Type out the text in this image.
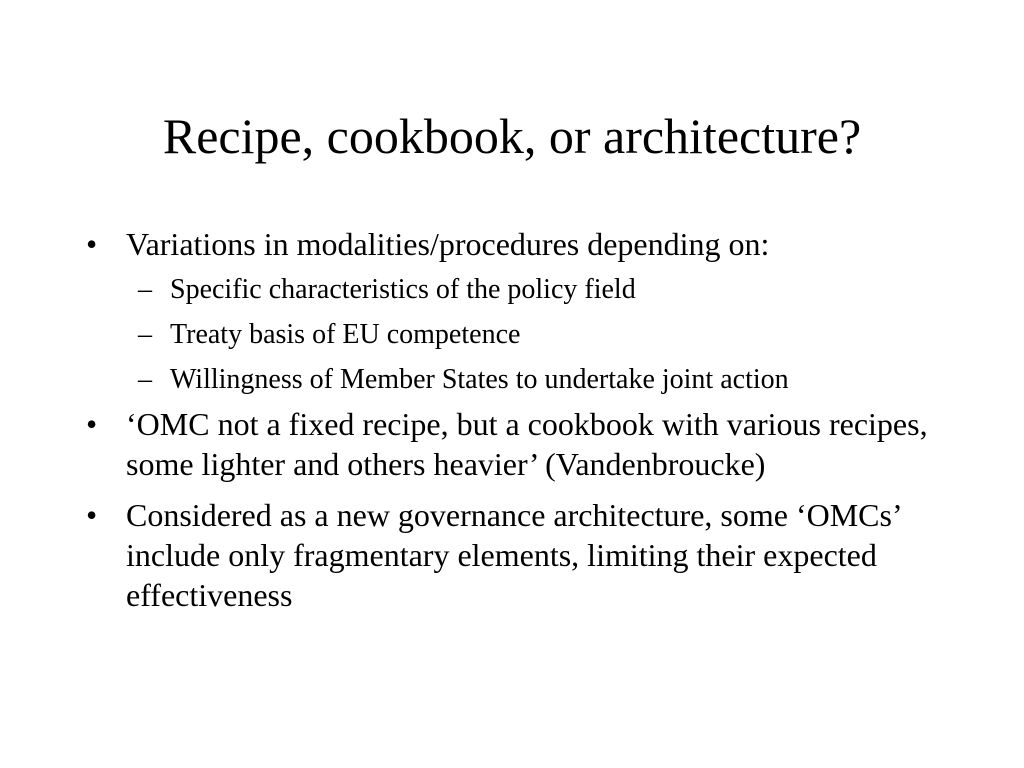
Recipe, cookbook, or architecture?
• Variations in modalities/procedures depending on:
– Specific characteristics of the policy field
– Treaty basis of EU competence
– Willingness of Member States to undertake joint action
• ‘OMC not a fixed recipe, but a cookbook with various recipes, some lighter and others heavier’ (Vandenbroucke)
• Considered as a new governance architecture, some ‘OMCs’ include only fragmentary elements, limiting their expected effectiveness
